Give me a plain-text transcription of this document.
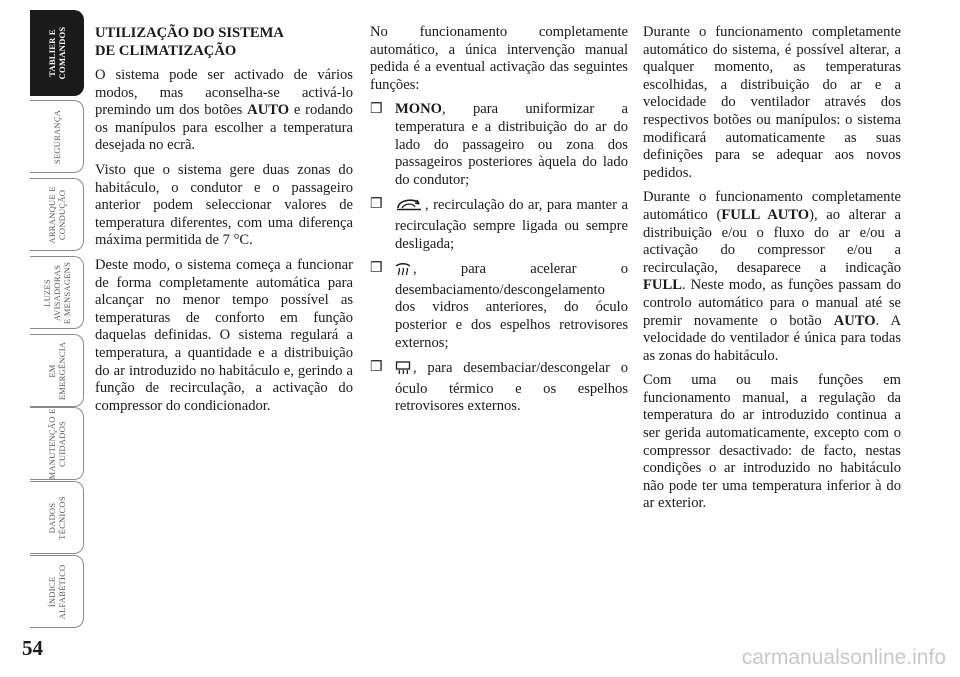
TABLIER E COMANDOS
SEGURANÇA
ARRANQUE E CONDUÇÃO
LUZES AVISADORAS E MENSAGENS
EM EMERGÊNCIA
MANUTENÇÃO E CUIDADOS
DADOS TÉCNICOS
ÍNDICE ALFABÉTICO
UTILIZAÇÃO DO SISTEMA
DE CLIMATIZAÇÃO

O sistema pode ser activado de vários modos, mas aconselha-se activá-lo premindo um dos botões AUTO e rodando os manípulos para escolher a temperatura desejada no ecrã.

Visto que o sistema gere duas zonas do habitáculo, o condutor e o passageiro anterior podem seleccionar valores de temperatura diferentes, com uma diferença máxima permitida de 7 °C.

Deste modo, o sistema começa a funcionar de forma completamente automática para alcançar no menor tempo possível as temperaturas de conforto em função daquelas definidas. O sistema regulará a temperatura, a quantidade e a distribuição do ar introduzido no habitáculo e, gerindo a função de recirculação, a activação do compressor do condicionador.

No funcionamento completamente automático, a única intervenção manual pedida é a eventual activação das seguintes funções:

❒ MONO, para uniformizar a temperatura e a distribuição do ar do lado do passageiro ou zona dos passageiros posteriores àquela do lado do condutor;
❒	, recirculação do ar, para manter a recirculação sempre ligada ou sempre desligada;
❒ , para acelerar o desembaciamento/descongelamento dos vidros anteriores, do óculo posterior e dos espelhos retrovisores externos;
❒ , para desembaciar/descongelar o óculo térmico e os espelhos retrovisores externos.

Durante o funcionamento completamente automático do sistema, é possível alterar, a qualquer momento, as temperaturas escolhidas, a distribuição do ar e a velocidade do ventilador através dos respectivos botões ou manípulos: o sistema modificará automaticamente as suas definições para se adequar aos novos pedidos.

Durante o funcionamento completamente automático (FULL AUTO), ao alterar a distribuição e/ou o fluxo do ar e/ou a activação do compressor e/ou a recirculação, desaparece a indicação FULL. Neste modo, as funções passam do controlo automático para o manual até se premir novamente o botão AUTO. A velocidade do ventilador é única para todas as zonas do habitáculo.

Com uma ou mais funções em funcionamento manual, a regulação da temperatura do ar introduzido continua a ser gerida automaticamente, excepto com o compressor desactivado: de facto, nestas condições o ar introduzido no habitáculo não pode ter uma temperatura inferior à do ar exterior.

54	carmanualsonline.info
